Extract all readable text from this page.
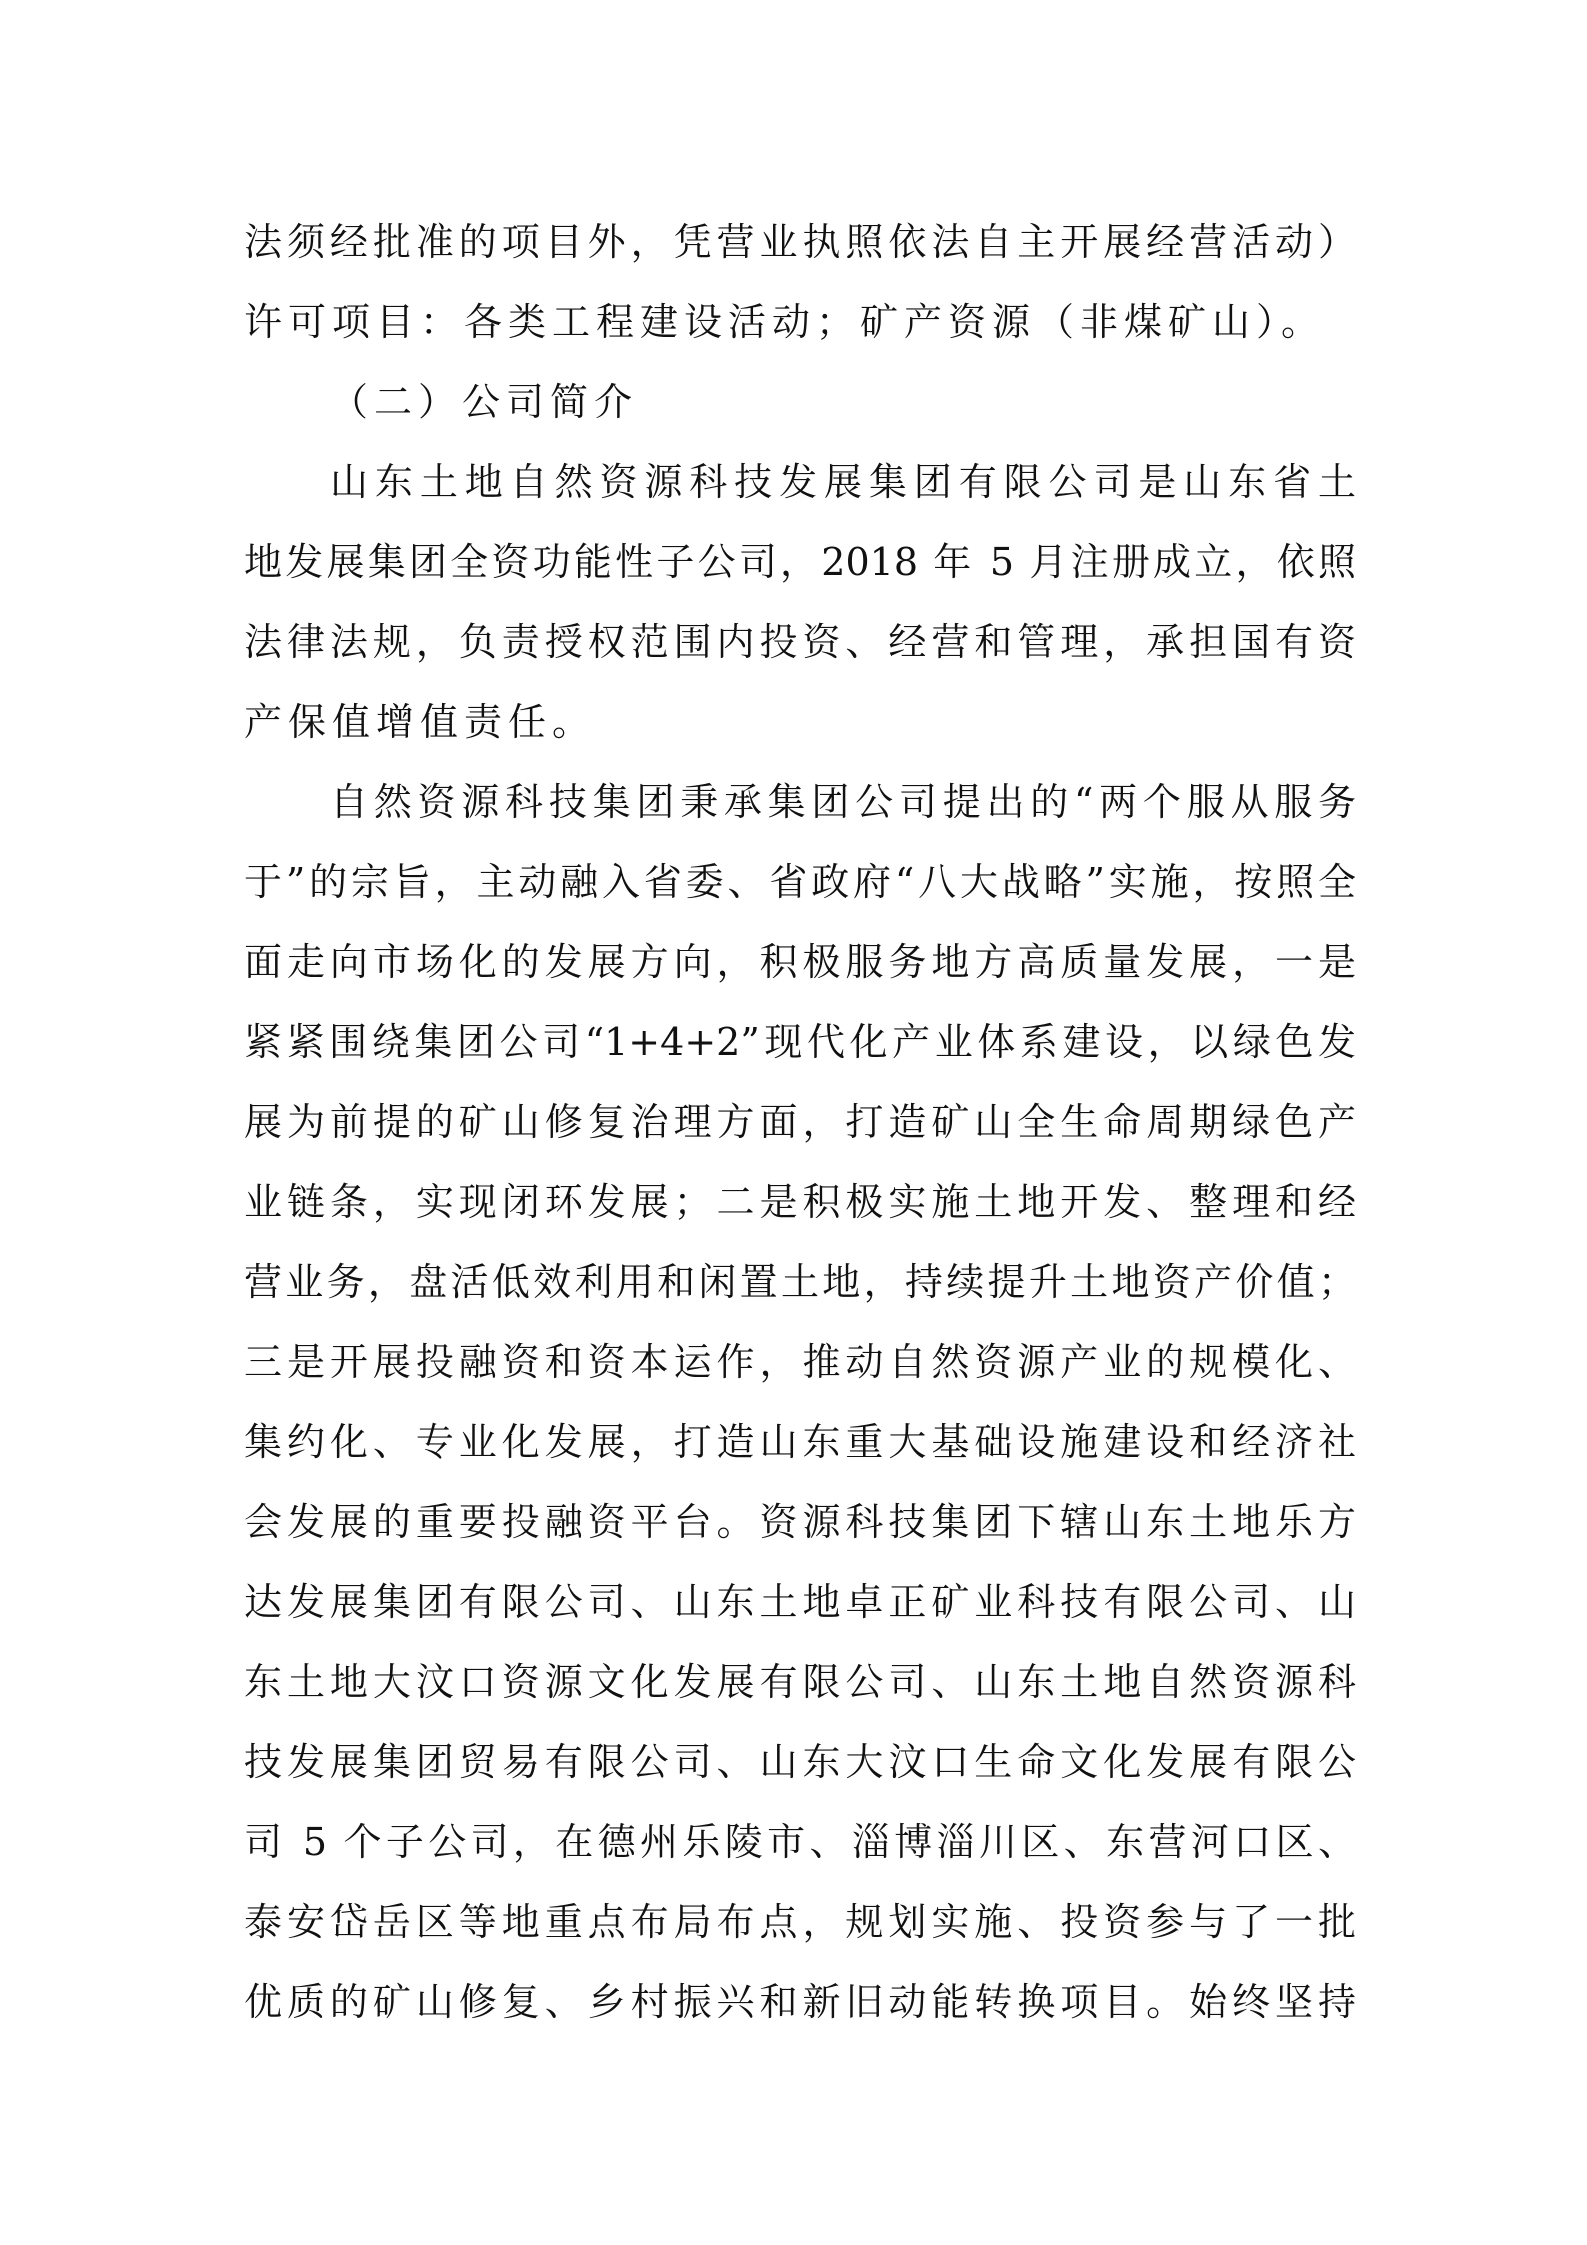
法须经批准的项目外，凭营业执照依法自主开展经营活动）
许可项目：各类工程建设活动；矿产资源（非煤矿山）。
（二）公司简介
山东土地自然资源科技发展集团有限公司是山东省土
地发展集团全资功能性子公司，2018 年 5 月注册成立，依照
法律法规，负责授权范围内投资、经营和管理，承担国有资
产保值增值责任。
自然资源科技集团秉承集团公司提出的“两个服从服务
于”的宗旨，主动融入省委、省政府“八大战略”实施，按照全
面走向市场化的发展方向，积极服务地方高质量发展，一是
紧紧围绕集团公司“1+4+2”现代化产业体系建设，以绿色发
展为前提的矿山修复治理方面，打造矿山全生命周期绿色产
业链条，实现闭环发展；二是积极实施土地开发、整理和经
营业务，盘活低效利用和闲置土地，持续提升土地资产价值；
三是开展投融资和资本运作，推动自然资源产业的规模化、
集约化、专业化发展，打造山东重大基础设施建设和经济社
会发展的重要投融资平台。资源科技集团下辖山东土地乐方
达发展集团有限公司、山东土地卓正矿业科技有限公司、山
东土地大汶口资源文化发展有限公司、山东土地自然资源科
技发展集团贸易有限公司、山东大汶口生命文化发展有限公
司 5 个子公司，在德州乐陵市、淄博淄川区、东营河口区、
泰安岱岳区等地重点布局布点，规划实施、投资参与了一批
优质的矿山修复、乡村振兴和新旧动能转换项目。始终坚持
